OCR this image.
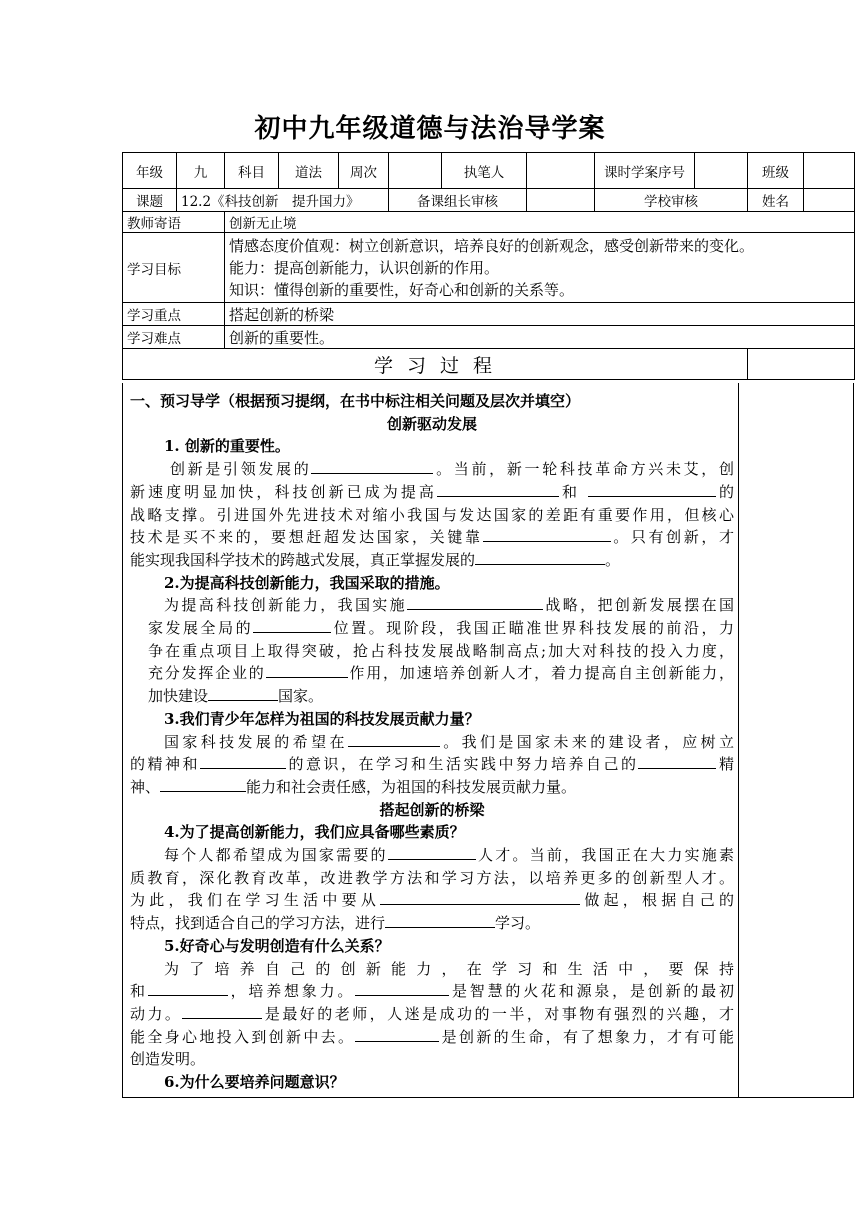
初中九年级道德与法治导学案
年级	九	科目	道法	周次		执笔人		课时学案序号		班级	
课题	12.2《科技创新　提升国力》				备课组长审核			学校审核		姓名	
教师寄语		创新无止境									
学习目标		情感态度价值观：树立创新意识，培养良好的创新观念，感受创新带来的变化。
能力：提高创新能力，认识创新的作用。
知识：懂得创新的重要性，好奇心和创新的关系等。									

学习重点		搭起创新的桥梁									
学习难点		创新的重要性。									
学 习 过 程											

一、预习导学（根据预习提纲，在书中标注相关问题及层次并填空）

创新驱动发展

1. 创新的重要性。

创新是引领发展的	。当前，新一轮科技革命方兴未艾，创

新速度明显加快，科技创新已成为提高	和	的

战略支撑。引进国外先进技术对缩小我国与发达国家的差距有重要作用，但核心

技术是买不来的，要想赶超发达国家，关键靠	。只有创新，才

能实现我国科学技术的跨越式发展，真正掌握发展的	。

2.为提高科技创新能力，我国采取的措施。

为提高科技创新能力，我国实施	战略，把创新发展摆在国

家发展全局的	位置。现阶段，我国正瞄准世界科技发展的前沿，力

争在重点项目上取得突破，抢占科技发展战略制高点;加大对科技的投入力度，

充分发挥企业的	作用，加速培养创新人才，着力提高自主创新能力，

加快建设	国家。

3.我们青少年怎样为祖国的科技发展贡献力量？

国家科技发展的希望在	。我们是国家未来的建设者，应树立

的精神和	的意识，在学习和生活实践中努力培养自己的	精

神、	能力和社会责任感，为祖国的科技发展贡献力量。

搭起创新的桥梁

4.为了提高创新能力，我们应具备哪些素质？

每个人都希望成为国家需要的	人才。当前，我国正在大力实施素

质教育，深化教育改革，改进教学方法和学习方法，以培养更多的创新型人才。

为此，我们在学习生活中要从	做起，根据自己的

特点，找到适合自己的学习方法，进行	学习。

5.好奇心与发明创造有什么关系？

为了培养自己的创新能力，在学习和生活中，要保持

和	，培养想象力。	是智慧的火花和源泉，是创新的最初

动力。	是最好的老师，人迷是成功的一半，对事物有强烈的兴趣，才

能全身心地投入到创新中去。	是创新的生命，有了想象力，才有可能

创造发明。

6.为什么要培养问题意识？
